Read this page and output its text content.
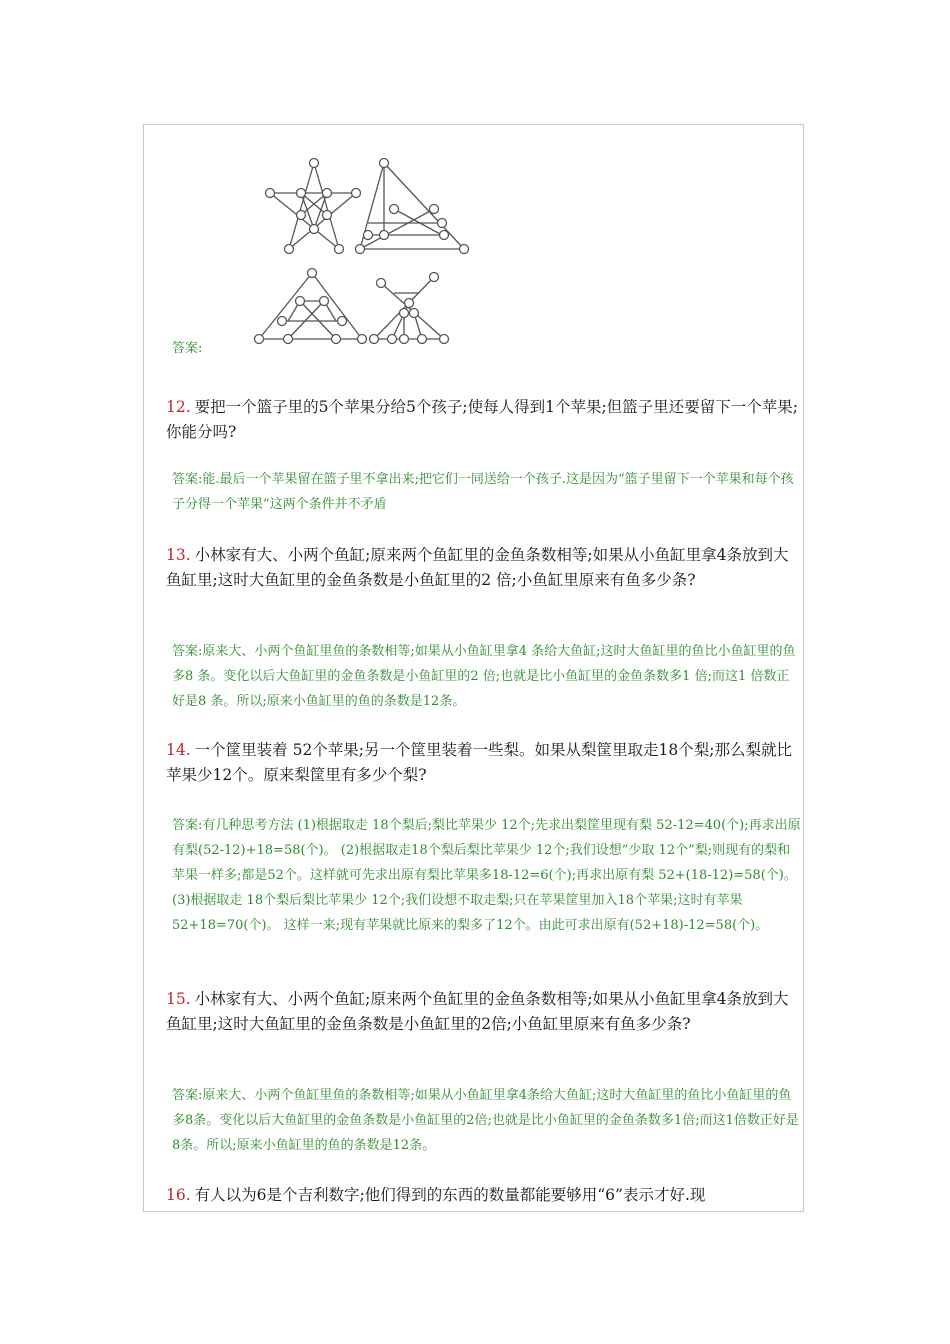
答案:
12. 要把一个篮子里的5个苹果分给5个孩子;使每人得到1个苹果;但篮子里还要留下一个苹果;你能分吗?
答案:能.最后一个苹果留在篮子里不拿出来;把它们一同送给一个孩子.这是因为“篮子里留下一个苹果和每个孩子分得一个苹果”这两个条件并不矛盾
13. 小林家有大、小两个鱼缸;原来两个鱼缸里的金鱼条数相等;如果从小鱼缸里拿4条放到大鱼缸里;这时大鱼缸里的金鱼条数是小鱼缸里的2 倍;小鱼缸里原来有鱼多少条?
答案:原来大、小两个鱼缸里鱼的条数相等;如果从小鱼缸里拿4 条给大鱼缸;这时大鱼缸里的鱼比小鱼缸里的鱼多8 条。变化以后大鱼缸里的金鱼条数是小鱼缸里的2 倍;也就是比小鱼缸里的金鱼条数多1 倍;而这1 倍数正好是8 条。所以;原来小鱼缸里的鱼的条数是12条。
14. 一个筐里装着 52个苹果;另一个筐里装着一些梨。如果从梨筐里取走18个梨;那么梨就比苹果少12个。原来梨筐里有多少个梨?
答案:有几种思考方法 (1)根据取走 18个梨后;梨比苹果少 12个;先求出梨筐里现有梨 52-12=40(个);再求出原有梨(52-12)+18=58(个)。 (2)根据取走18个梨后梨比苹果少 12个;我们设想”少取 12个”梨;则现有的梨和苹果一样多;都是52个。这样就可先求出原有梨比苹果多18-12=6(个);再求出原有梨 52+(18-12)=58(个)。 (3)根据取走 18个梨后梨比苹果少 12个;我们设想不取走梨;只在苹果筐里加入18个苹果;这时有苹果52+18=70(个)。 这样一来;现有苹果就比原来的梨多了12个。由此可求出原有(52+18)-12=58(个)。
15. 小林家有大、小两个鱼缸;原来两个鱼缸里的金鱼条数相等;如果从小鱼缸里拿4条放到大鱼缸里;这时大鱼缸里的金鱼条数是小鱼缸里的2倍;小鱼缸里原来有鱼多少条?
答案:原来大、小两个鱼缸里鱼的条数相等;如果从小鱼缸里拿4条给大鱼缸;这时大鱼缸里的鱼比小鱼缸里的鱼多8条。变化以后大鱼缸里的金鱼条数是小鱼缸里的2倍;也就是比小鱼缸里的金鱼条数多1倍;而这1倍数正好是8条。所以;原来小鱼缸里的鱼的条数是12条。
16. 有人以为6是个吉利数字;他们得到的东西的数量都能要够用“6”表示才好.现
